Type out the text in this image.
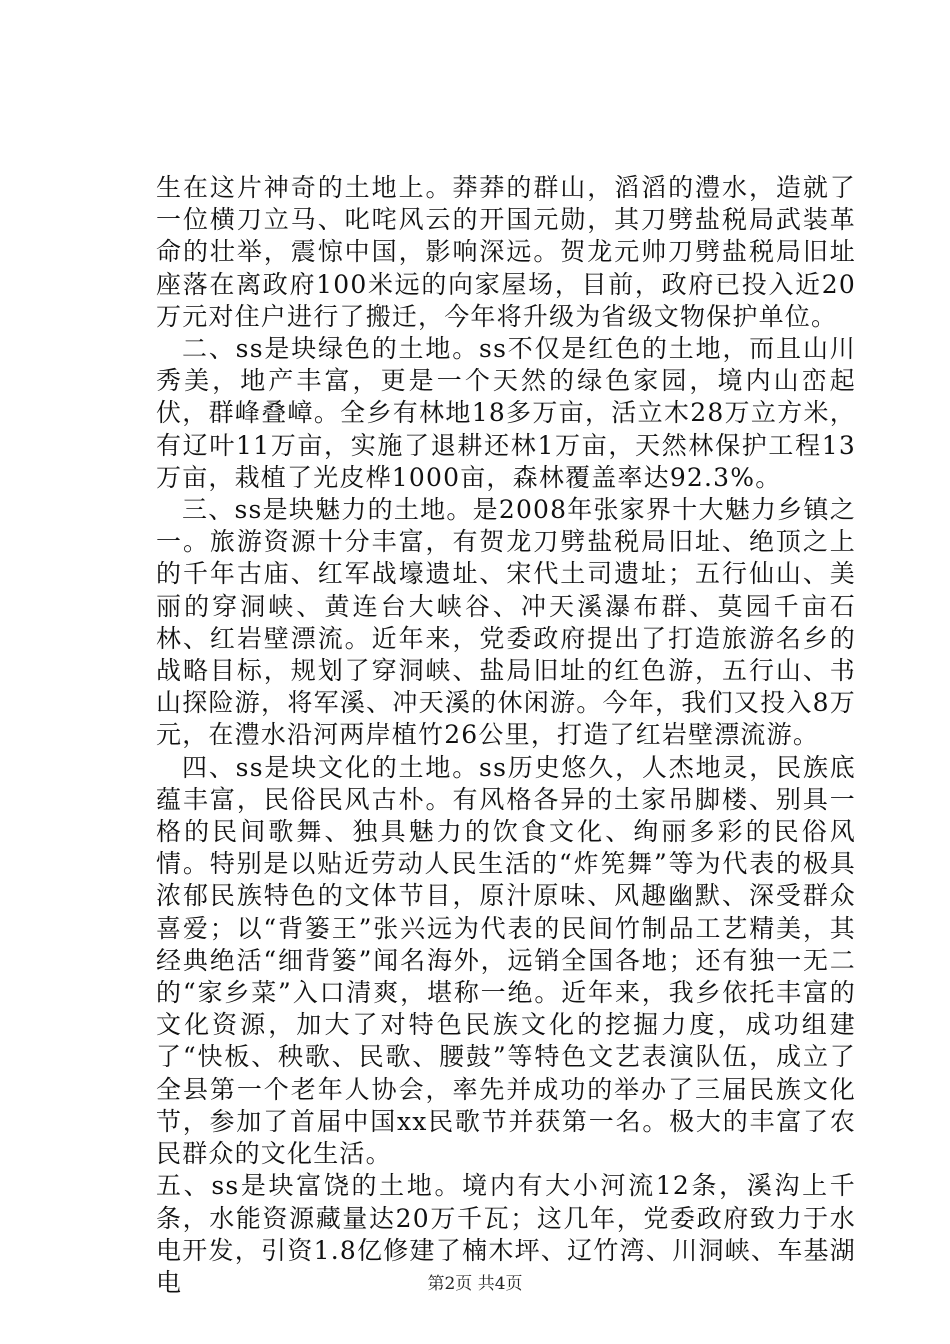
生在这片神奇的土地上。莽莽的群山，滔滔的澧水，造就了一位横刀立马、叱咤风云的开国元勋，其刀劈盐税局武装革命的壮举，震惊中国，影响深远。贺龙元帅刀劈盐税局旧址座落在离政府100米远的向家屋场，目前，政府已投入近20万元对住户进行了搬迁，今年将升级为省级文物保护单位。

二、ss是块绿色的土地。ss不仅是红色的土地，而且山川秀美，地产丰富，更是一个天然的绿色家园，境内山峦起伏，群峰叠嶂。全乡有林地18多万亩，活立木28万立方米，有辽叶11万亩，实施了退耕还林1万亩，天然林保护工程13万亩，栽植了光皮桦1000亩，森林覆盖率达92.3%。

三、ss是块魅力的土地。是2008年张家界十大魅力乡镇之一。旅游资源十分丰富，有贺龙刀劈盐税局旧址、绝顶之上的千年古庙、红军战壕遗址、宋代土司遗址；五行仙山、美丽的穿洞峡、黄连台大峡谷、冲天溪瀑布群、莫园千亩石林、红岩壁漂流。近年来，党委政府提出了打造旅游名乡的战略目标，规划了穿洞峡、盐局旧址的红色游，五行山、书山探险游，将军溪、冲天溪的休闲游。今年，我们又投入8万元，在澧水沿河两岸植竹26公里，打造了红岩壁漂流游。

四、ss是块文化的土地。ss历史悠久，人杰地灵，民族底蕴丰富，民俗民风古朴。有风格各异的土家吊脚楼、别具一格的民间歌舞、独具魅力的饮食文化、绚丽多彩的民俗风情。特别是以贴近劳动人民生活的“炸筅舞”等为代表的极具浓郁民族特色的文体节目，原汁原味、风趣幽默、深受群众喜爱；以“背篓王”张兴远为代表的民间竹制品工艺精美，其经典绝活“细背篓”闻名海外，远销全国各地；还有独一无二的“家乡菜”入口清爽，堪称一绝。近年来，我乡依托丰富的文化资源，加大了对特色民族文化的挖掘力度，成功组建了“快板、秧歌、民歌、腰鼓”等特色文艺表演队伍，成立了全县第一个老年人协会，率先并成功的举办了三届民族文化节，参加了首届中国xx民歌节并获第一名。极大的丰富了农民群众的文化生活。

五、ss是块富饶的土地。境内有大小河流12条，溪沟上千条，水能资源藏量达20万千瓦；这几年，党委政府致力于水电开发，引资1.8亿修建了楠木坪、辽竹湾、川洞峡、车基湖电	第2页 共4页
